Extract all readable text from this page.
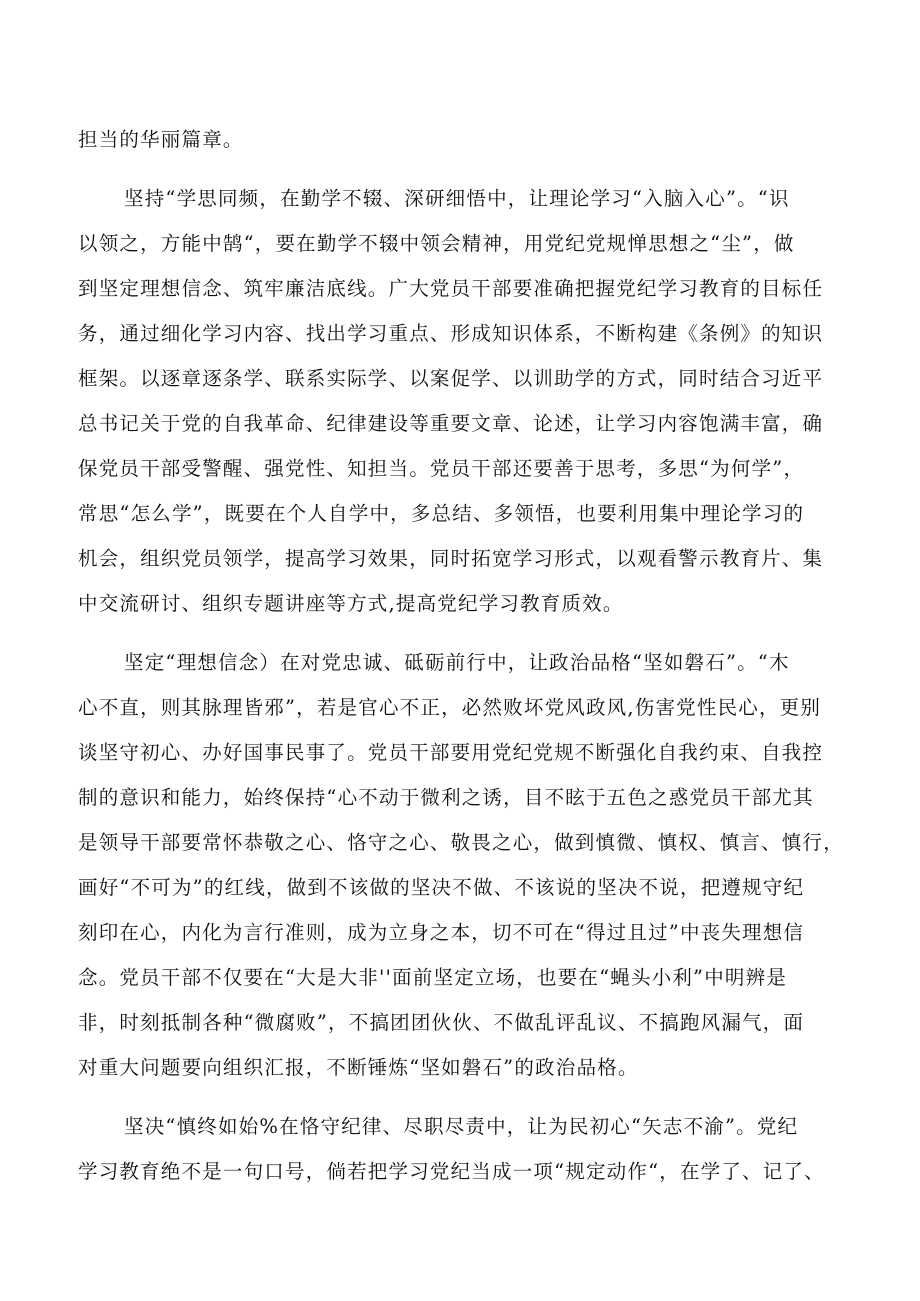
担当的华丽篇章。
坚持“学思同频，在勤学不辍、深研细悟中，让理论学习“入脑入心”。“识
以领之，方能中鹄“，要在勤学不辍中领会精神，用党纪党规惮思想之“尘”，做
到坚定理想信念、筑牢廉洁底线。广大党员干部要准确把握党纪学习教育的目标任
务，通过细化学习内容、找出学习重点、形成知识体系，不断构建《条例》的知识
框架。以逐章逐条学、联系实际学、以案促学、以训助学的方式，同时结合习近平
总书记关于党的自我革命、纪律建设等重要文章、论述，让学习内容饱满丰富，确
保党员干部受警醒、强党性、知担当。党员干部还要善于思考，多思“为何学”，
常思“怎么学”，既要在个人自学中，多总结、多领悟，也要利用集中理论学习的
机会，组织党员领学，提高学习效果，同时拓宽学习形式，以观看警示教育片、集
中交流研讨、组织专题讲座等方式,提高党纪学习教育质效。
坚定“理想信念）在对党忠诚、砥砺前行中，让政治品格“坚如磐石”。“木
心不直，则其脉理皆邪”，若是官心不正，必然败坏党风政风,伤害党性民心，更别
谈坚守初心、办好国事民事了。党员干部要用党纪党规不断强化自我约束、自我控
制的意识和能力，始终保持“心不动于微利之诱，目不眩于五色之惑党员干部尤其
是领导干部要常怀恭敬之心、恪守之心、敬畏之心，做到慎微、慎权、慎言、慎行，
画好“不可为”的红线，做到不该做的坚决不做、不该说的坚决不说，把遵规守纪
刻印在心，内化为言行准则，成为立身之本，切不可在“得过且过”中丧失理想信
念。党员干部不仅要在“大是大非''面前坚定立场，也要在“蝇头小利”中明辨是
非，时刻抵制各种“微腐败”，不搞团团伙伙、不做乱评乱议、不搞跑风漏气，面
对重大问题要向组织汇报，不断锤炼“坚如磐石”的政治品格。
坚决“慎终如始%在恪守纪律、尽职尽责中，让为民初心“矢志不渝”。党纪
学习教育绝不是一句口号，倘若把学习党纪当成一项“规定动作“，在学了、记了、
